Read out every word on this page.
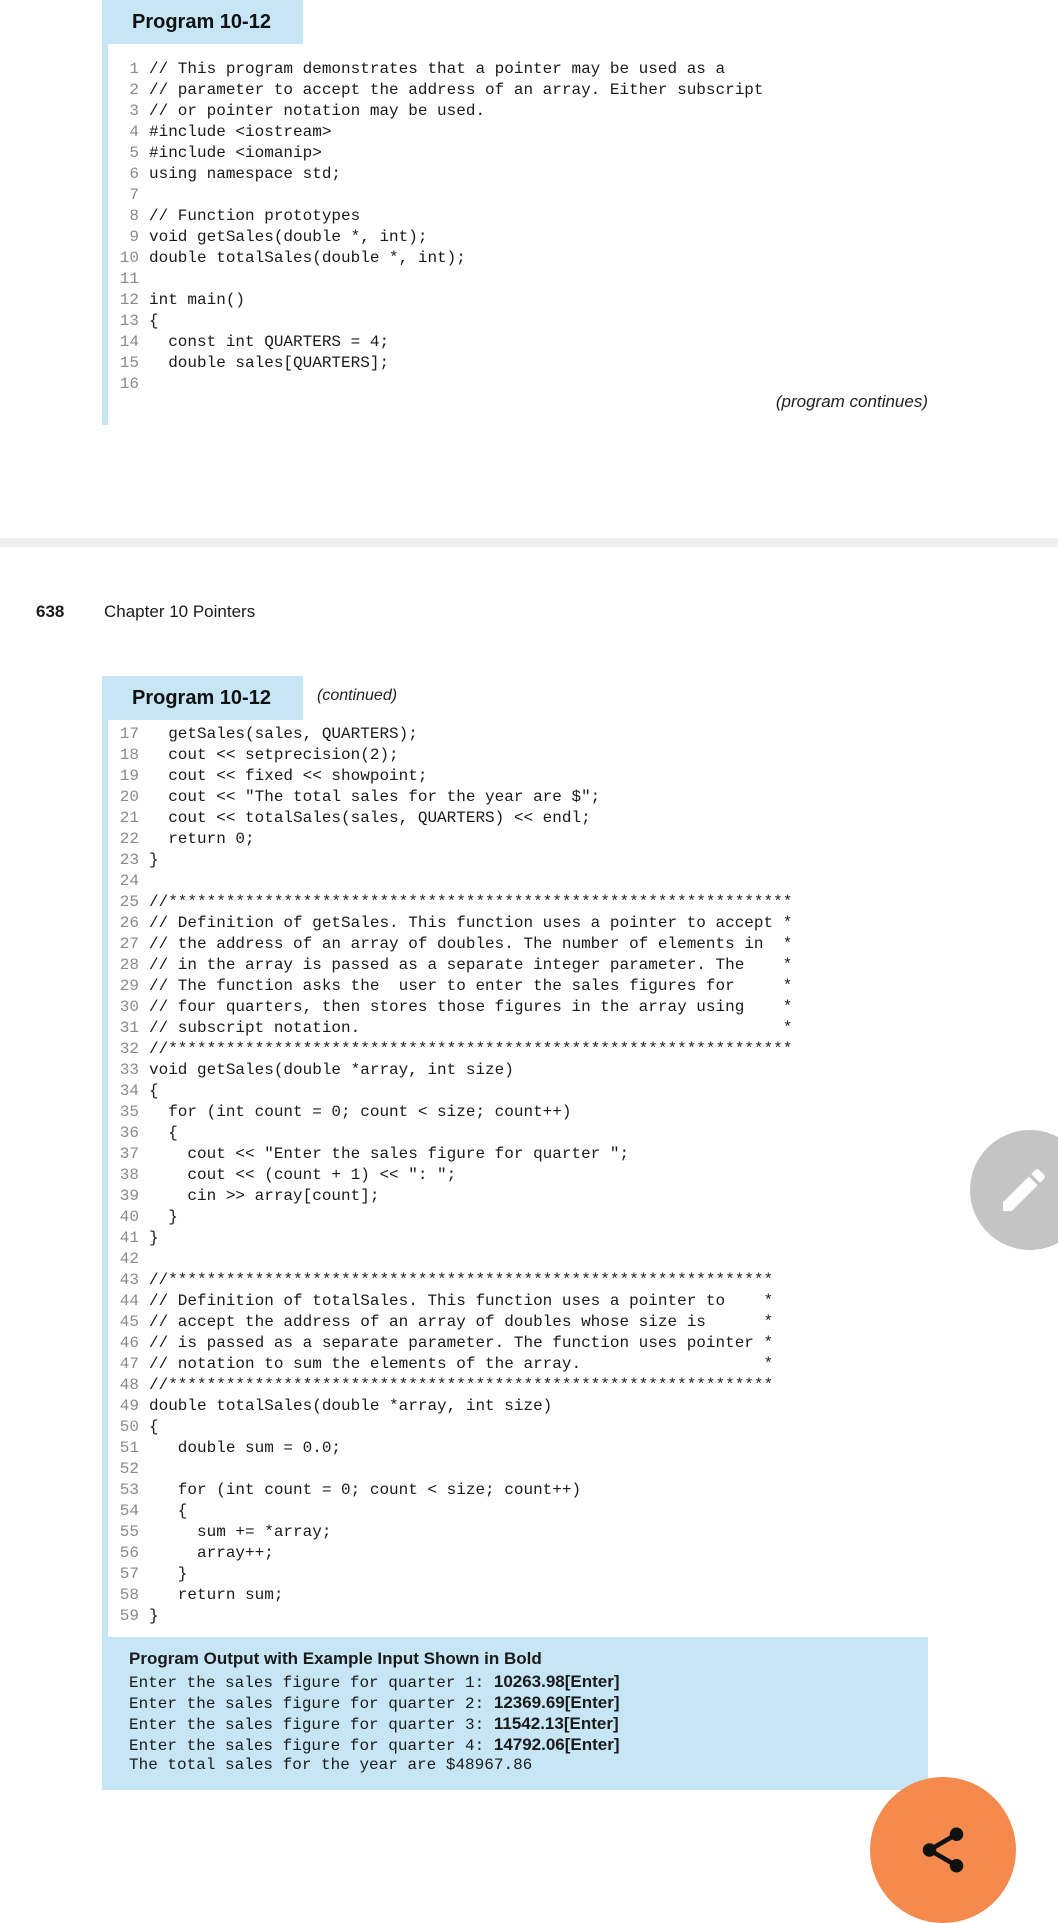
Program 10-12
1 // This program demonstrates that a pointer may be used as a
2 // parameter to accept the address of an array. Either subscript
3 // or pointer notation may be used.
4 #include <iostream>
5 #include <iomanip>
6 using namespace std;
7
8 // Function prototypes
9 void getSales(double *, int);
10 double totalSales(double *, int);
11
12 int main()
13 {
14  const int QUARTERS = 4;
15  double sales[QUARTERS];
16
(program continues)
638 Chapter 10 Pointers
Program 10-12	(continued)
17  getSales(sales, QUARTERS);
18  cout << setprecision(2);
19  cout << fixed << showpoint;
20  cout << "The total sales for the year are $";
21  cout << totalSales(sales, QUARTERS) << endl;
22  return 0;
23 }
24
25 //*****************************************************************
26 // Definition of getSales. This function uses a pointer to accept *
27 // the address of an array of doubles. The number of elements in  *
28 // in the array is passed as a separate integer parameter. The    *
29 // The function asks the  user to enter the sales figures for     *
30 // four quarters, then stores those figures in the array using    *
31 // subscript notation.                                            *
32 //*****************************************************************
33 void getSales(double *array, int size)
34 {
35  for (int count = 0; count < size; count++)
36  {
37    cout << "Enter the sales figure for quarter ";
38    cout << (count + 1) << ": ";
39    cin >> array[count];
40  }
41 }
42
43 //***************************************************************
44 // Definition of totalSales. This function uses a pointer to    *
45 // accept the address of an array of doubles whose size is      *
46 // is passed as a separate parameter. The function uses pointer *
47 // notation to sum the elements of the array.                   *
48 //***************************************************************
49 double totalSales(double *array, int size)
50 {
51   double sum = 0.0;
52
53   for (int count = 0; count < size; count++)
54   {
55     sum += *array;
56     array++;
57   }
58   return sum;
59 }
Program Output with Example Input Shown in Bold
Enter the sales figure for quarter 1: 10263.98[Enter]
Enter the sales figure for quarter 2: 12369.69[Enter]
Enter the sales figure for quarter 3: 11542.13[Enter]
Enter the sales figure for quarter 4: 14792.06[Enter]
The total sales for the year are $48967.86
